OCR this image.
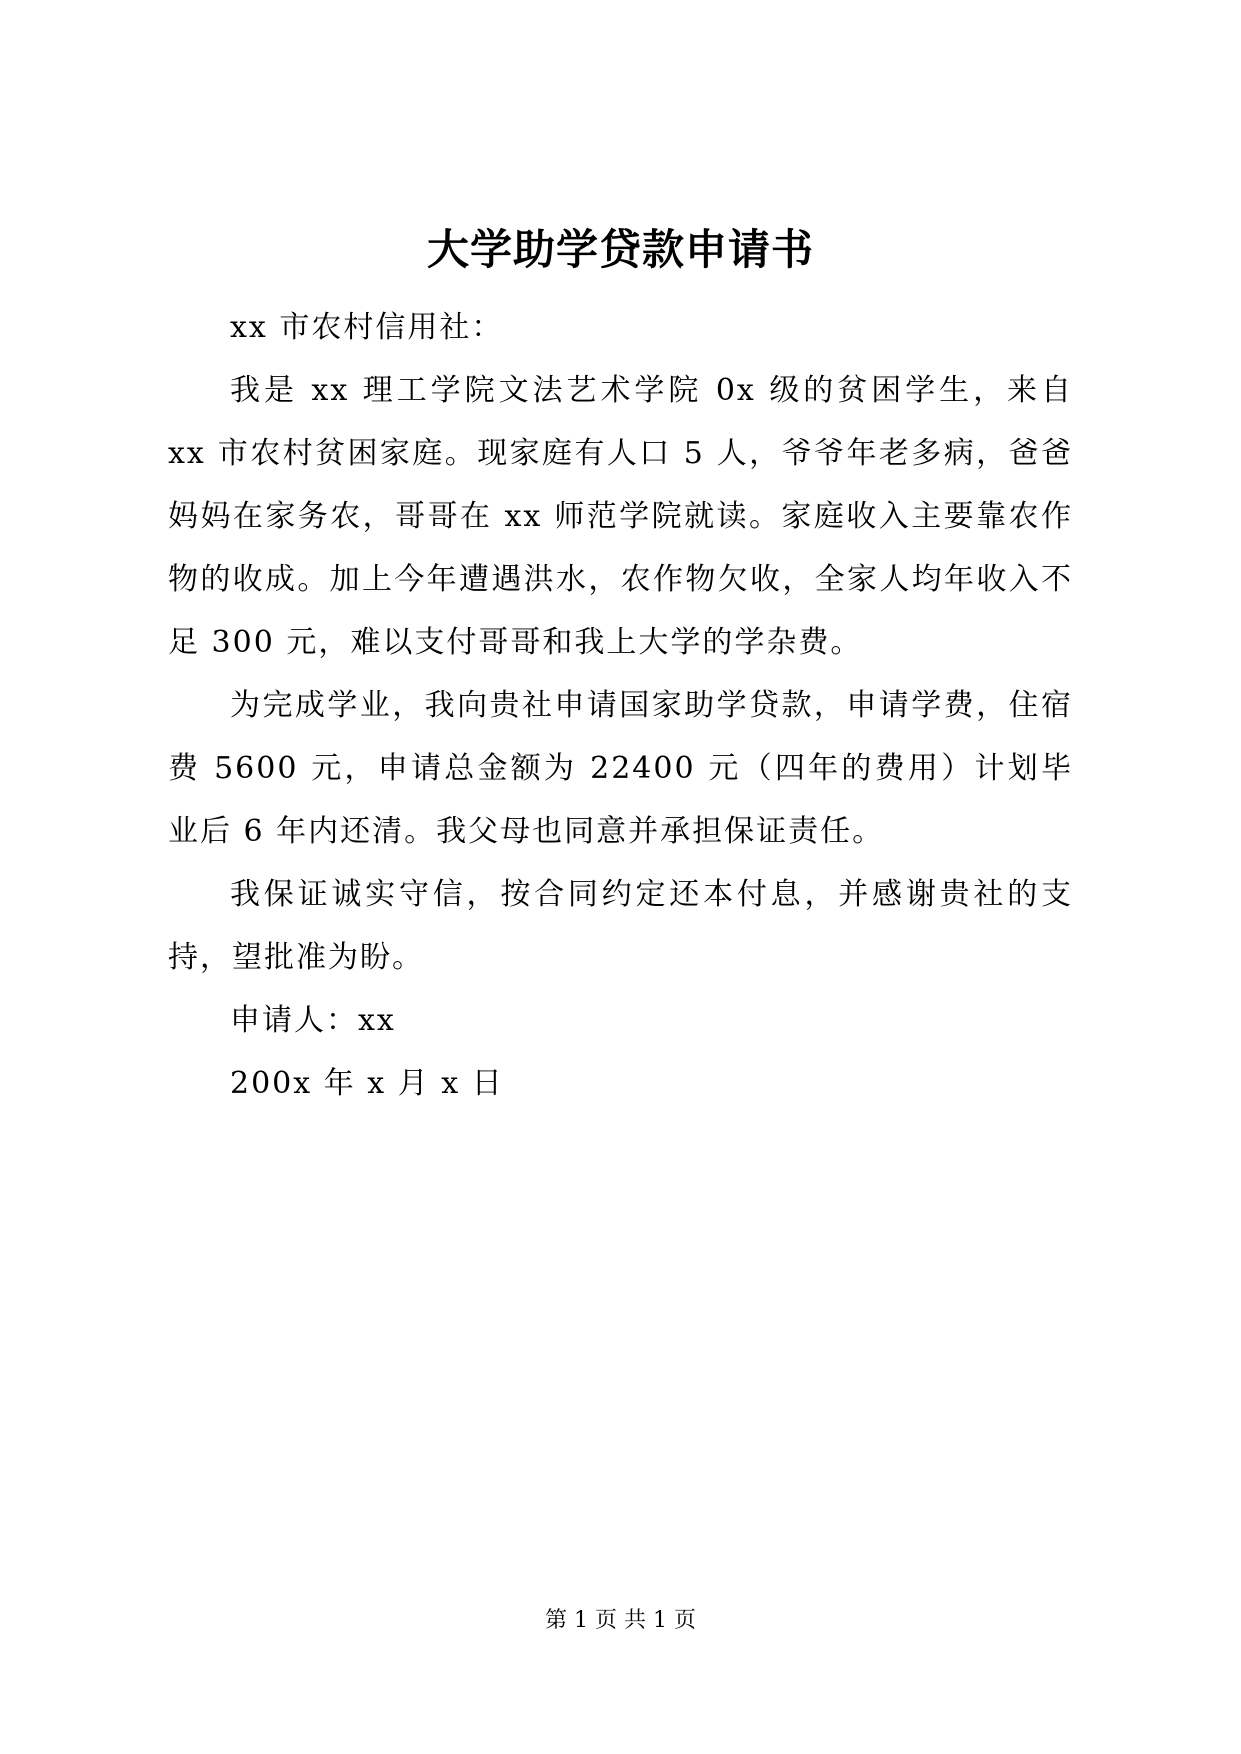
大学助学贷款申请书

xx 市农村信用社：

我是 xx 理工学院文法艺术学院 0x 级的贫困学生，来自 xx 市农村贫困家庭。现家庭有人口 5 人，爷爷年老多病，爸爸妈妈在家务农，哥哥在 xx 师范学院就读。家庭收入主要靠农作物的收成。加上今年遭遇洪水，农作物欠收，全家人均年收入不足 300 元，难以支付哥哥和我上大学的学杂费。

为完成学业，我向贵社申请国家助学贷款，申请学费，住宿费 5600 元，申请总金额为 22400 元（四年的费用）计划毕业后 6 年内还清。我父母也同意并承担保证责任。

我保证诚实守信，按合同约定还本付息，并感谢贵社的支持，望批准为盼。

申请人：xx

200x 年 x 月 x 日

第 1 页 共 1 页
